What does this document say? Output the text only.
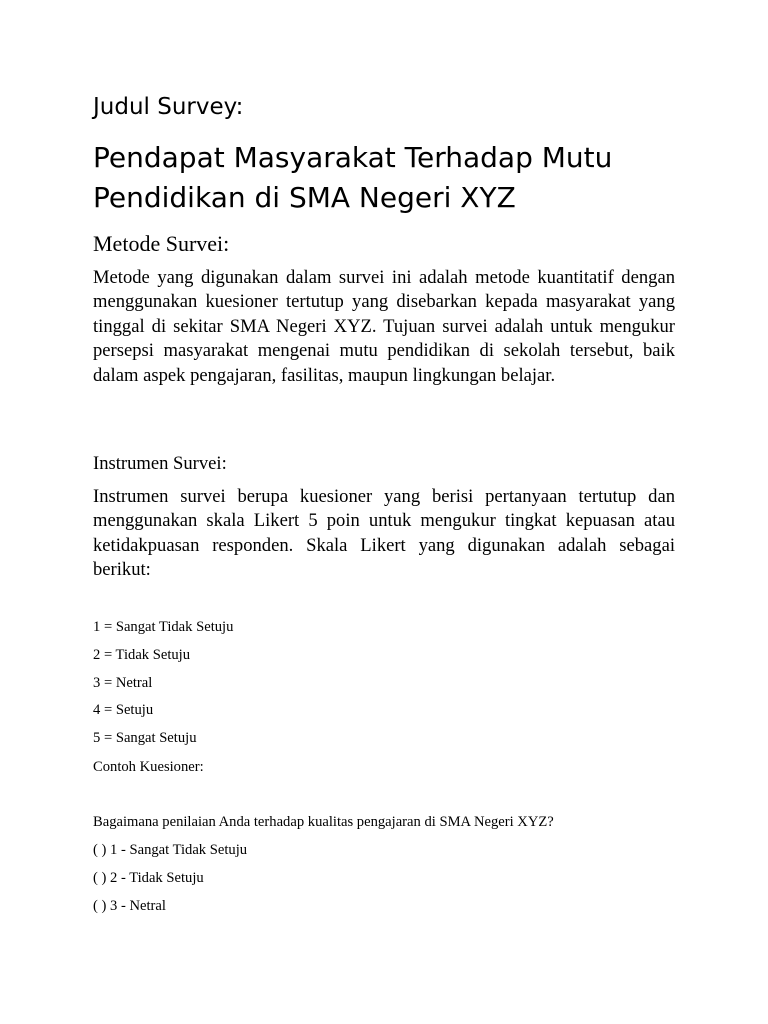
Judul Survey:
Pendapat Masyarakat Terhadap Mutu Pendidikan di SMA Negeri XYZ
Metode Survei:

Metode yang digunakan dalam survei ini adalah metode kuantitatif dengan menggunakan kuesioner tertutup yang disebarkan kepada masyarakat yang tinggal di sekitar SMA Negeri XYZ. Tujuan survei adalah untuk mengukur persepsi masyarakat mengenai mutu pendidikan di sekolah tersebut, baik dalam aspek pengajaran, fasilitas, maupun lingkungan belajar.

Instrumen Survei:

Instrumen survei berupa kuesioner yang berisi pertanyaan tertutup dan menggunakan skala Likert 5 poin untuk mengukur tingkat kepuasan atau ketidakpuasan responden. Skala Likert yang digunakan adalah sebagai berikut:

1 = Sangat Tidak Setuju

2 = Tidak Setuju

3 = Netral

4 = Setuju

5 = Sangat Setuju

Contoh Kuesioner:

Bagaimana penilaian Anda terhadap kualitas pengajaran di SMA Negeri XYZ?

( ) 1 - Sangat Tidak Setuju

( ) 2 - Tidak Setuju

( ) 3 - Netral
